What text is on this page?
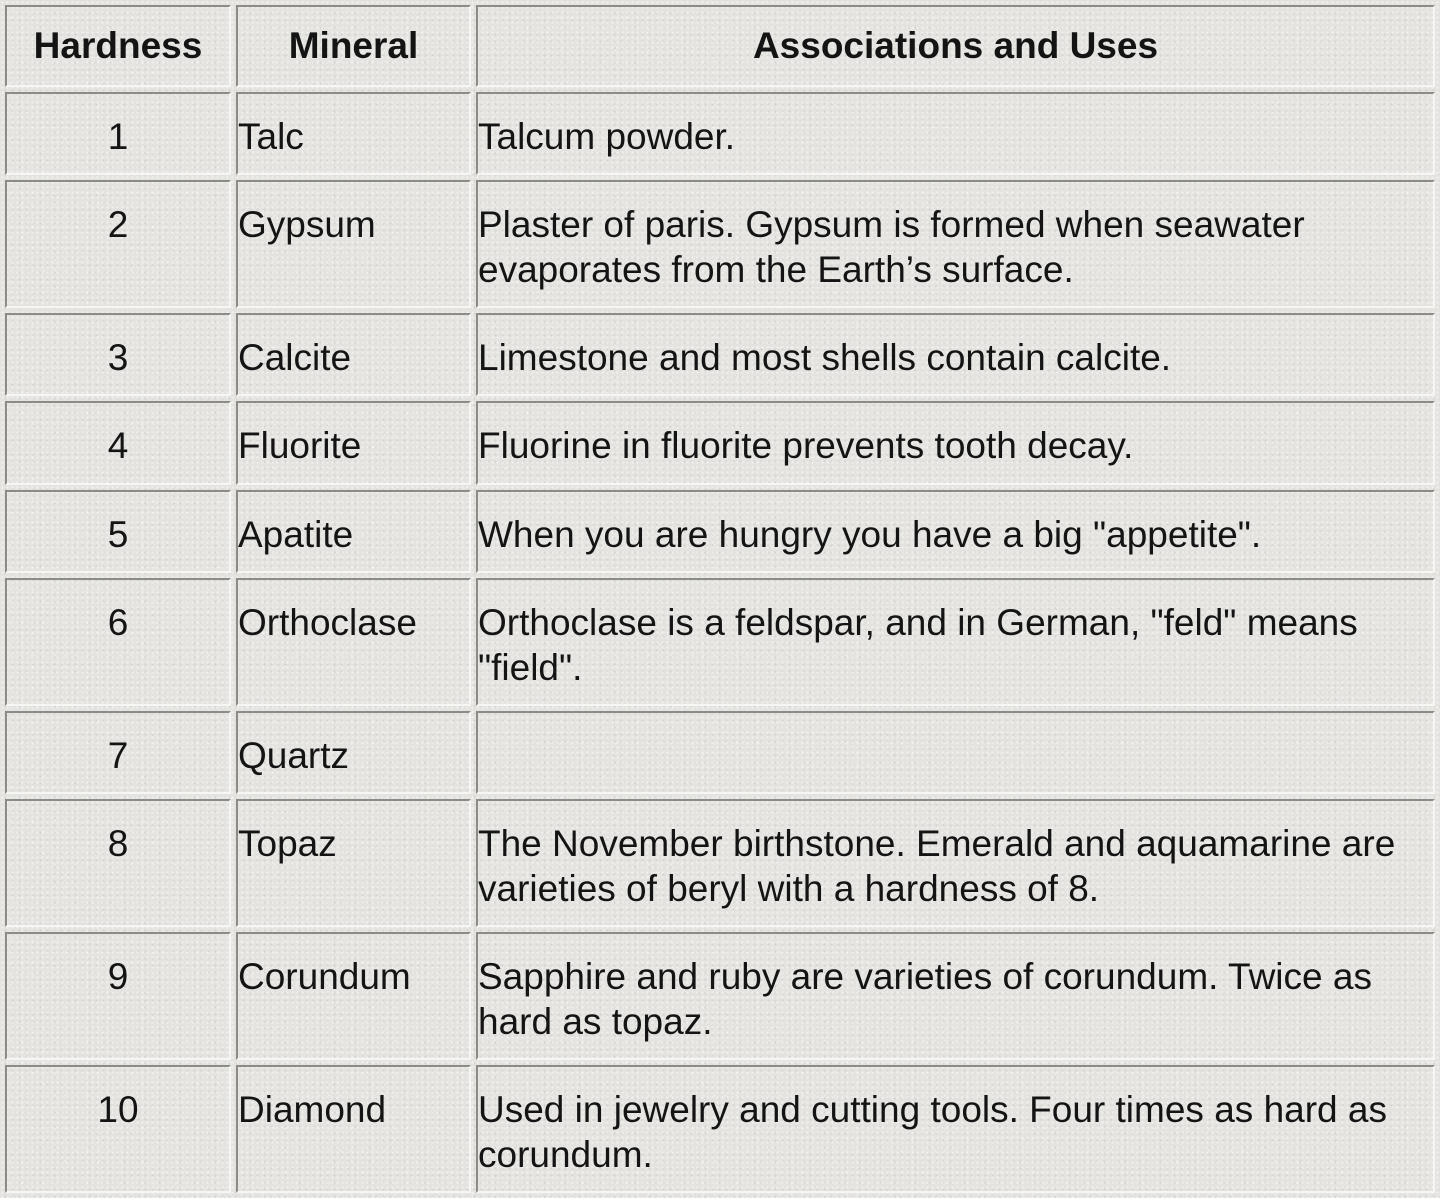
Hardness	Mineral	Associations and Uses
1	Talc	Talcum powder.
2	Gypsum	Plaster of paris. Gypsum is formed when seawater evaporates from the Earth’s surface.
3	Calcite	Limestone and most shells contain calcite.
4	Fluorite	Fluorine in fluorite prevents tooth decay.
5	Apatite	When you are hungry you have a big "appetite".
6	Orthoclase	Orthoclase is a feldspar, and in German, "feld" means "field".
7	Quartz	
8	Topaz	The November birthstone. Emerald and aquamarine are varieties of beryl with a hardness of 8.
9	Corundum	Sapphire and ruby are varieties of corundum. Twice as hard as topaz.
10	Diamond	Used in jewelry and cutting tools. Four times as hard as corundum.
